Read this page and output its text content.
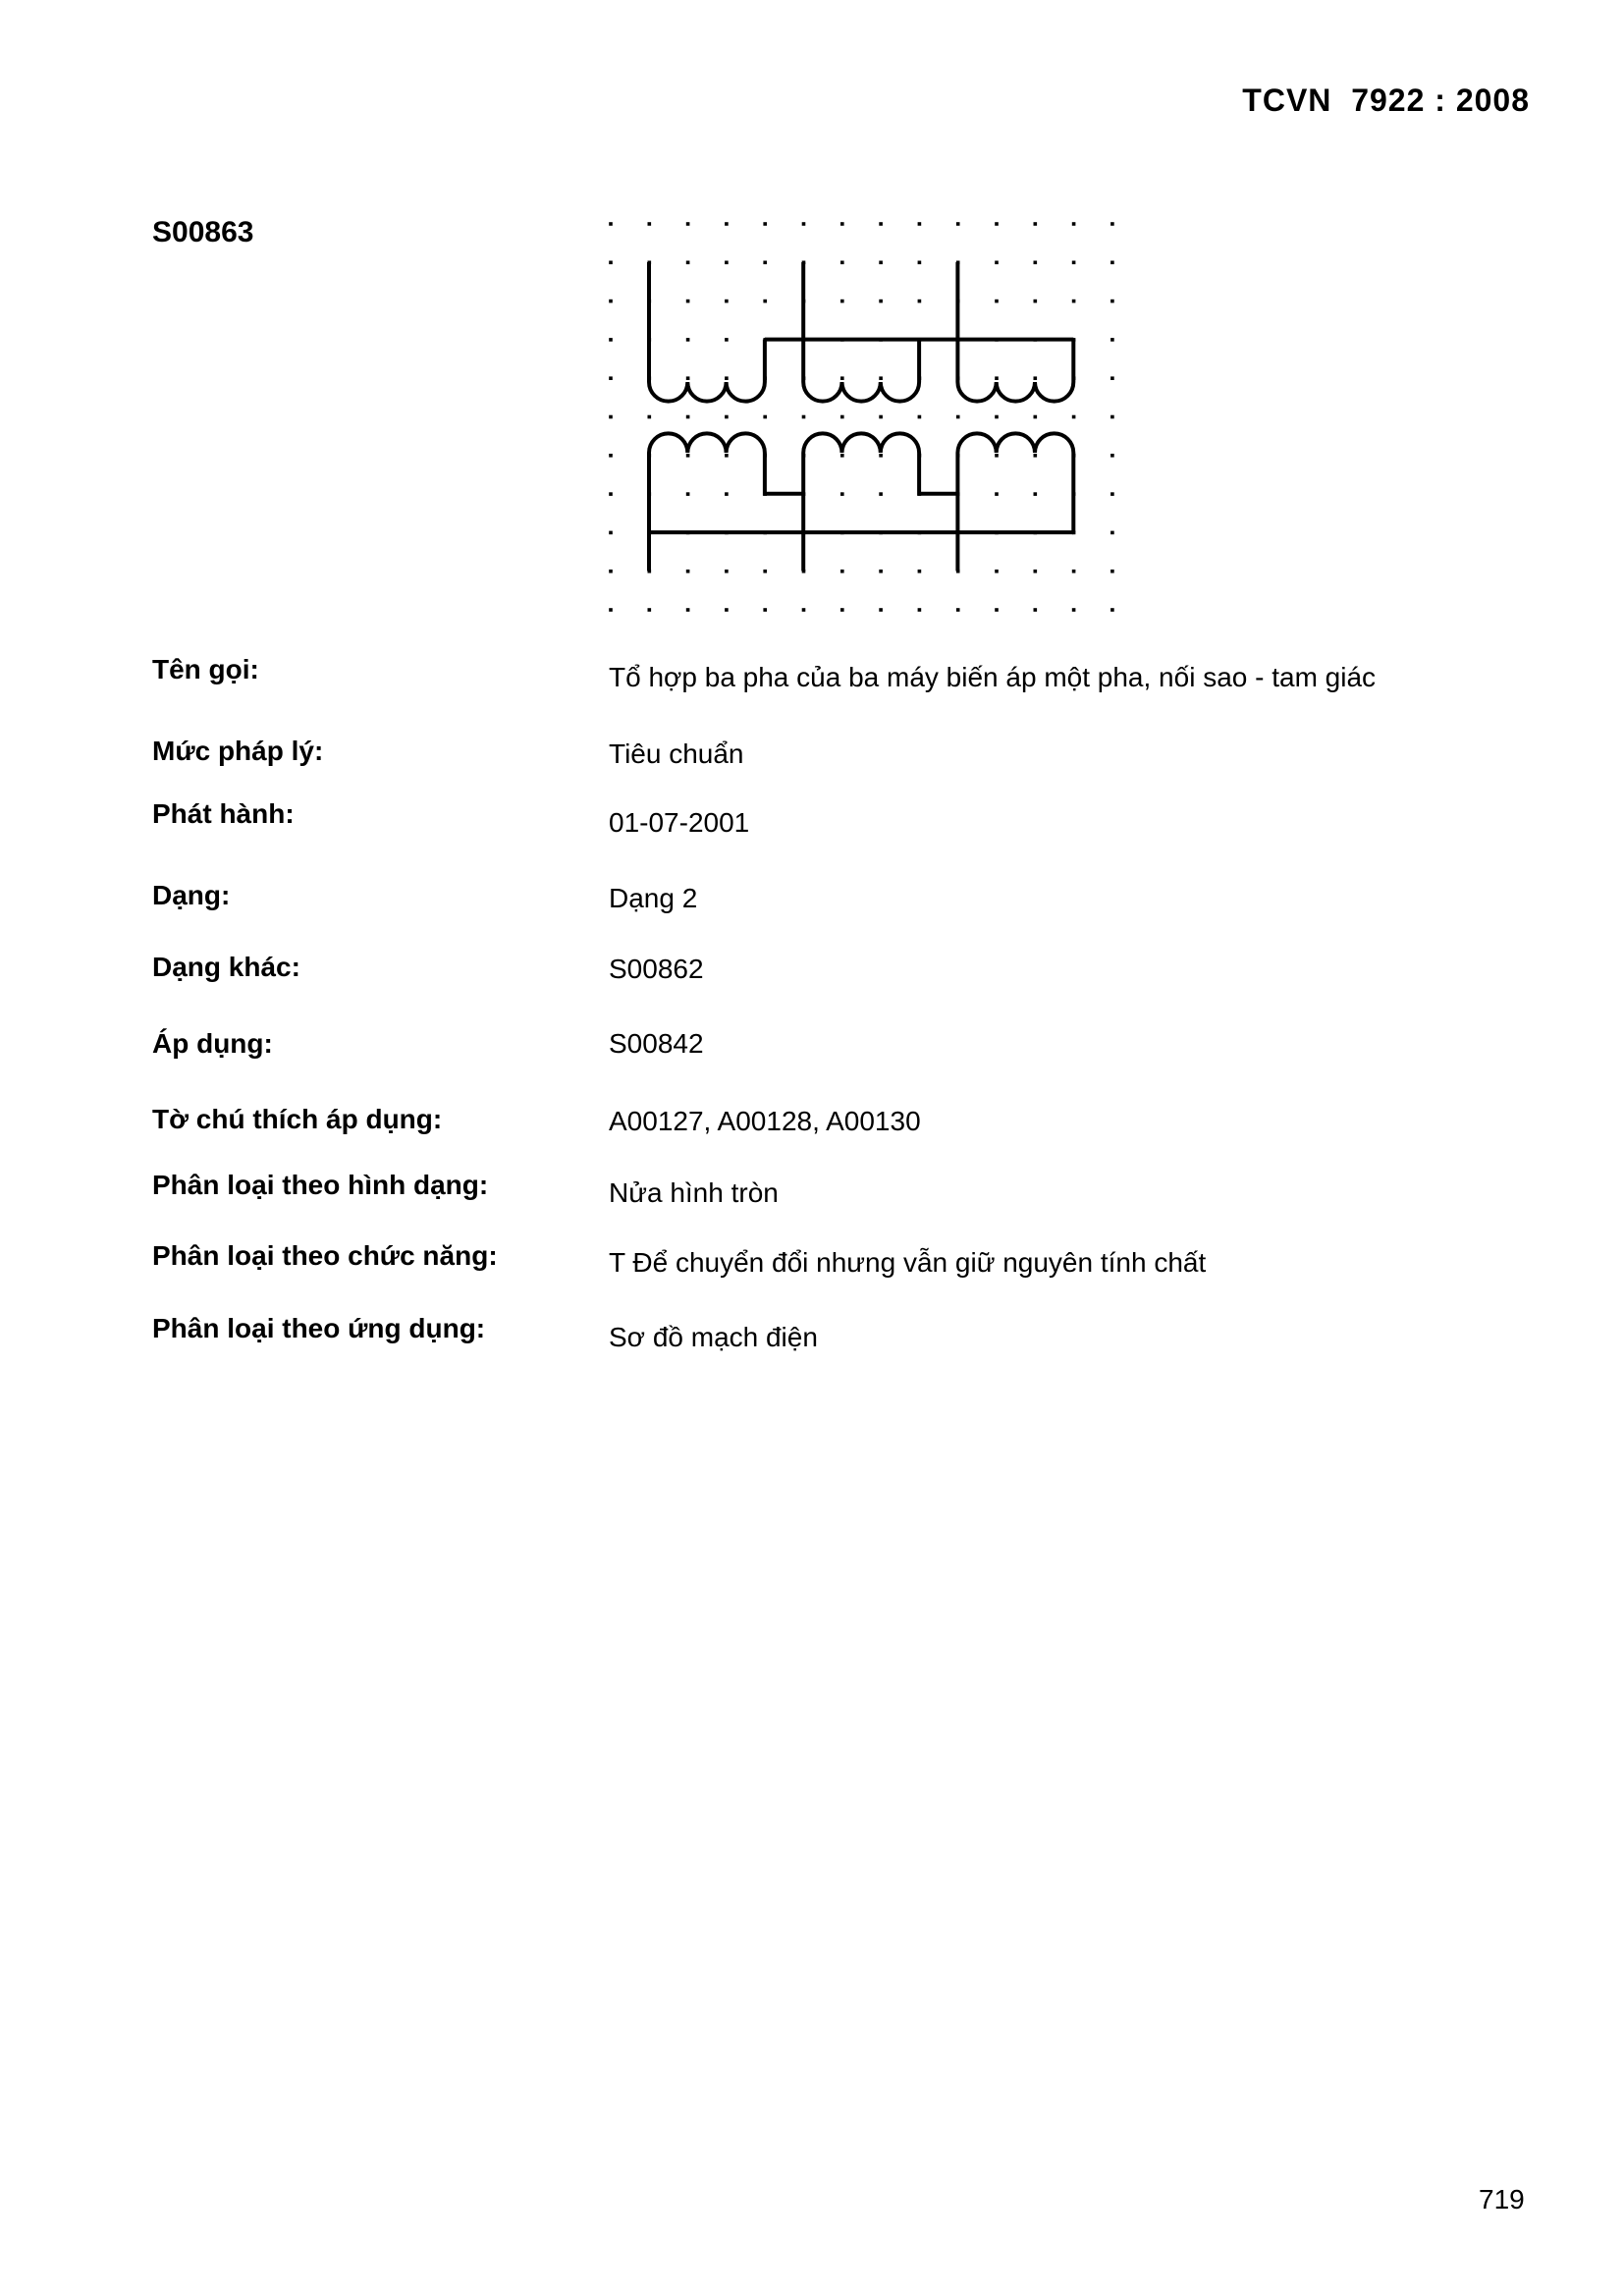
TCVN  7922 : 2008
S00863
Tên gọi:	Tổ hợp ba pha của ba máy biến áp một pha, nối sao - tam giác
Mức pháp lý:	Tiêu chuẩn
Phát hành:	01-07-2001
Dạng:	Dạng 2
Dạng khác:	S00862
Áp dụng:	S00842
Tờ chú thích áp dụng:	A00127, A00128, A00130
Phân loại theo hình dạng:	Nửa hình tròn
Phân loại theo chức năng:	T Để chuyển đổi nhưng vẫn giữ nguyên tính chất
Phân loại theo ứng dụng:	Sơ đồ mạch điện
719
